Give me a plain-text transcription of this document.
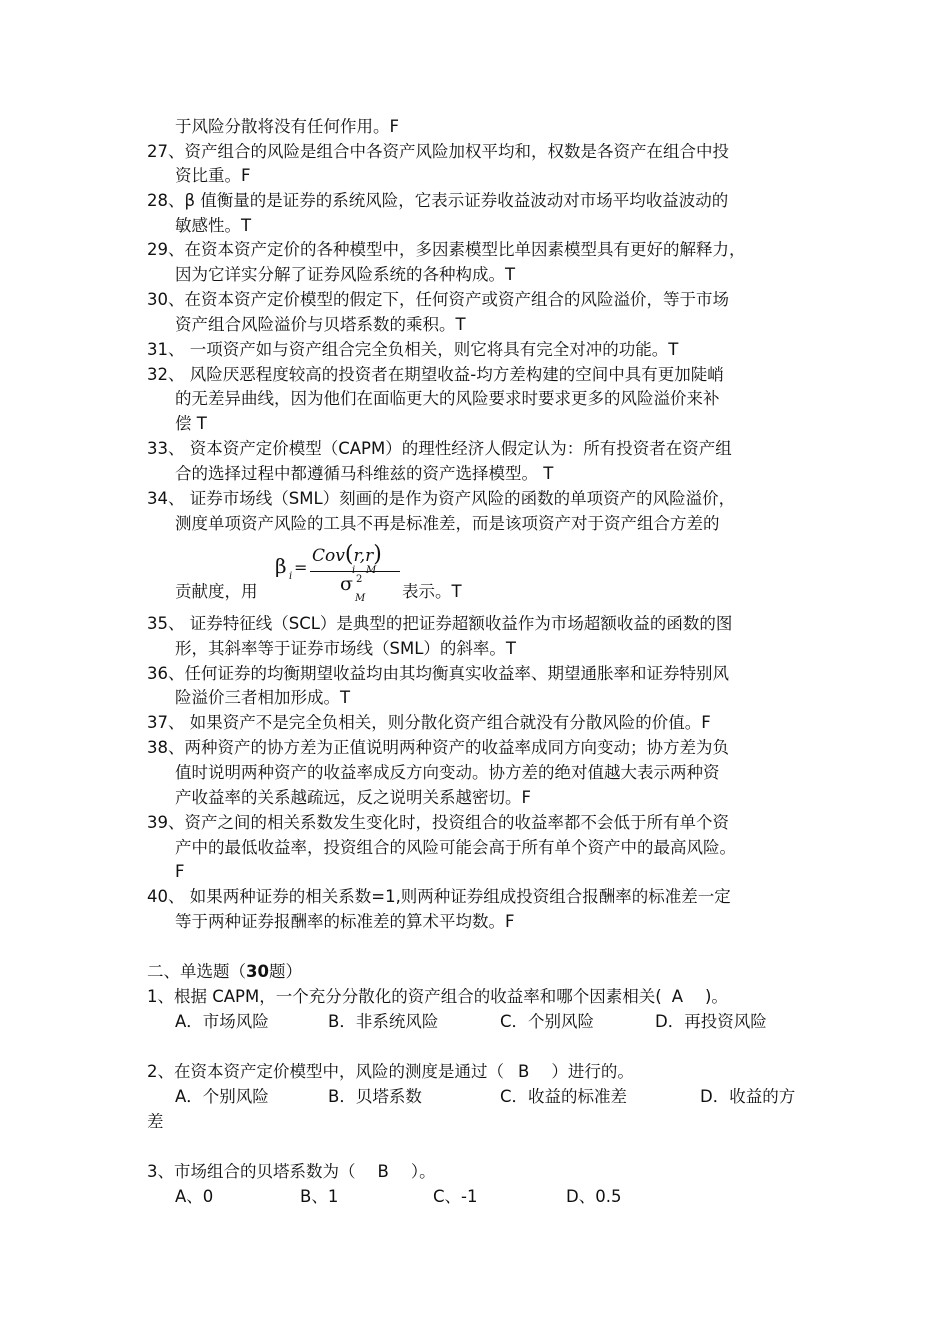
于风险分散将没有任何作用。F
27、资产组合的风险是组合中各资产风险加权平均和，权数是各资产在组合中投
资比重。F
28、β 值衡量的是证券的系统风险，它表示证券收益波动对市场平均收益波动的
敏感性。T
29、在资本资产定价的各种模型中，多因素模型比单因素模型具有更好的解释力，
因为它详实分解了证券风险系统的各种构成。T
30、在资本资产定价模型的假定下，任何资产或资产组合的风险溢价，等于市场
资产组合风险溢价与贝塔系数的乘积。T
31、 一项资产如与资产组合完全负相关，则它将具有完全对冲的功能。T
32、 风险厌恶程度较高的投资者在期望收益-均方差构建的空间中具有更加陡峭
的无差异曲线，因为他们在面临更大的风险要求时要求更多的风险溢价来补
偿 T
33、 资本资产定价模型（CAPM）的理性经济人假定认为：所有投资者在资产组
合的选择过程中都遵循马科维兹的资产选择模型。 T
34、 证券市场线（SML）刻画的是作为资产风险的函数的单项资产的风险溢价，
测度单项资产风险的工具不再是标准差，而是该项资产对于资产组合方差的
贡献度，用
β i =
Cov(r,r)
σ 2
M 表示。T
35、 证券特征线（SCL）是典型的把证券超额收益作为市场超额收益的函数的图
形，其斜率等于证券市场线（SML）的斜率。T
36、任何证券的均衡期望收益均由其均衡真实收益率、期望通胀率和证券特别风
险溢价三者相加形成。T
37、 如果资产不是完全负相关，则分散化资产组合就没有分散风险的价值。F
38、两种资产的协方差为正值说明两种资产的收益率成同方向变动；协方差为负
值时说明两种资产的收益率成反方向变动。协方差的绝对值越大表示两种资
产收益率的关系越疏远，反之说明关系越密切。F
39、资产之间的相关系数发生变化时，投资组合的收益率都不会低于所有单个资
产中的最低收益率，投资组合的风险可能会高于所有单个资产中的最高风险。
F
40、 如果两种证券的相关系数=1,则两种证券组成投资组合报酬率的标准差一定
等于两种证券报酬率的标准差的算术平均数。F
二、单选题（30题）
1、根据 CAPM，一个充分分散化的资产组合的收益率和哪个因素相关( A )。
A．市场风险	B．非系统风险	C．个别风险	D．再投资风险
2、在资本资产定价模型中，风险的测度是通过（ B ）进行的。
A．个别风险	B．贝塔系数	C．收益的标准差	D．收益的方
差
3、市场组合的贝塔系数为（ B ）。
A、0	B、1	C、-1	D、0.5
